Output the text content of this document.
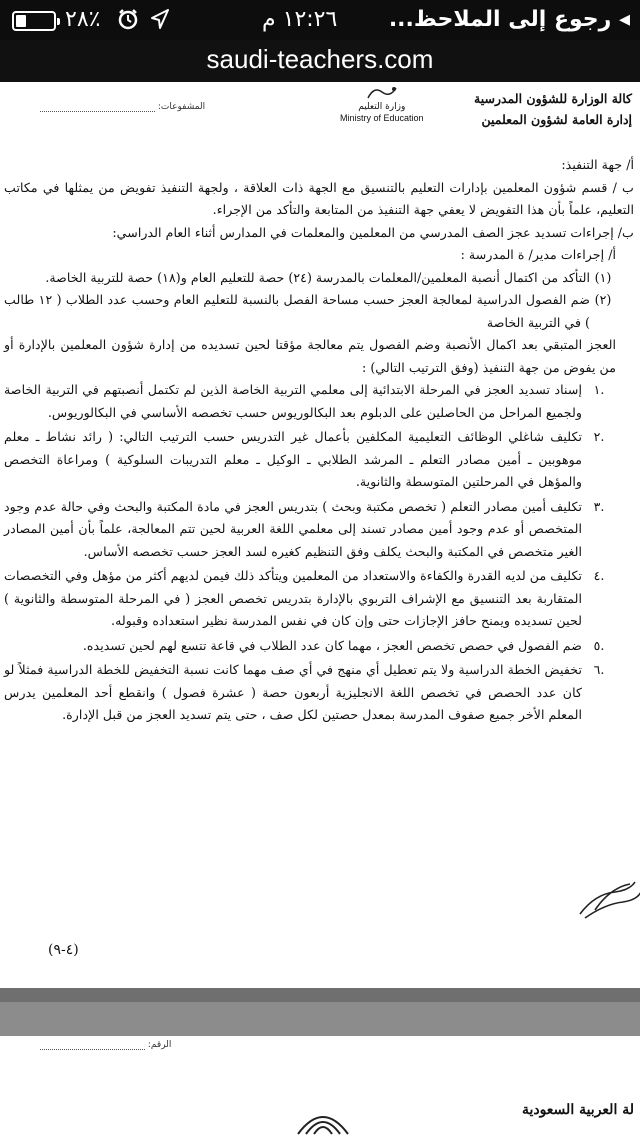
◂ رجوع إلى الملاحظ...
١٢:٢٦ م
٢٨٪
saudi-teachers.com
كالة الوزارة للشؤون المدرسية
إدارة العامة لشؤون المعلمين
وزارة التعليم
Ministry of Education
المشفوعات:

أ/ جهة التنفيذ:

ب / قسم شؤون المعلمين بإدارات التعليم بالتنسيق مع الجهة ذات العلاقة ، ولجهة التنفيذ تفويض من يمثلها في مكاتب التعليم، علماً بأن هذا التفويض لا يعفي جهة التنفيذ من المتابعة والتأكد من الإجراء.

ب/ إجراءات تسديد عجز الصف المدرسي من المعلمين والمعلمات في المدارس أثناء العام الدراسي:

أ/ إجراءات مدير/ ة المدرسة :

(١)
التأكد من اكتمال أنصبة المعلمين/المعلمات بالمدرسة (٢٤) حصة للتعليم العام و(١٨) حصة للتربية الخاصة.
(٢)
ضم الفصول الدراسية لمعالجة العجز حسب مساحة الفصل بالنسبة للتعليم العام وحسب عدد الطلاب ( ١٢ طالب ) في التربية الخاصة

العجز المتبقي بعد اكمال الأنصبة وضم الفصول يتم معالجة مؤقتا لحين تسديده من إدارة شؤون المعلمين بالإدارة أو من يفوض من جهة التنفيذ (وفق الترتيب التالي) :

.١
إسناد تسديد العجز في المرحلة الابتدائية إلى معلمي التربية الخاصة الذين لم تكتمل أنصبتهم في التربية الخاصة ولجميع المراحل من الحاصلين على الدبلوم بعد البكالوريوس حسب تخصصه الأساسي في البكالوريوس.
.٢
تكليف شاغلي الوظائف التعليمية المكلفين بأعمال غير التدريس حسب الترتيب التالي: ( رائد نشاط ـ معلم موهوبين ـ أمين مصادر التعلم ـ المرشد الطلابي ـ الوكيل ـ معلم التدريبات السلوكية ) ومراعاة التخصص والمؤهل في المرحلتين المتوسطة والثانوية.
.٣
تكليف أمين مصادر التعلم ( تخصص مكتبة وبحث ) بتدريس العجز في مادة المكتبة والبحث وفي حالة عدم وجود المتخصص أو عدم وجود أمين مصادر تسند إلى معلمي اللغة العربية لحين تتم المعالجة، علماً بأن أمين المصادر الغير متخصص في المكتبة والبحث يكلف وفق التنظيم كغيره لسد العجز حسب تخصصه الأساس.
.٤
تكليف من لديه القدرة والكفاءة والاستعداد من المعلمين ويتأكد ذلك فيمن لديهم أكثر من مؤهل وفي التخصصات المتقاربة بعد التنسيق مع الإشراف التربوي بالإدارة بتدريس تخصص العجز ( في المرحلة المتوسطة والثانوية ) لحين تسديده ويمنح حافز الإجازات حتى وإن كان في نفس المدرسة نظير استعداده وقبوله.
.٥
ضم الفصول في حصص تخصص العجز ، مهما كان عدد الطلاب في قاعة تتسع لهم لحين تسديده.
.٦
تخفيض الخطة الدراسية ولا يتم تعطيل أي منهج في أي صف مهما كانت نسبة التخفيض للخطة الدراسية فمثلاً لو كان عدد الحصص في تخصص اللغة الانجليزية أربعون حصة ( عشرة فصول ) وانقطع أحد المعلمين يدرس المعلم الأخر جميع صفوف المدرسة بمعدل حصتين لكل صف ، حتى يتم تسديد العجز من قبل الإدارة.
(٤-٩)
الرقم:
لة العربية السعودية
